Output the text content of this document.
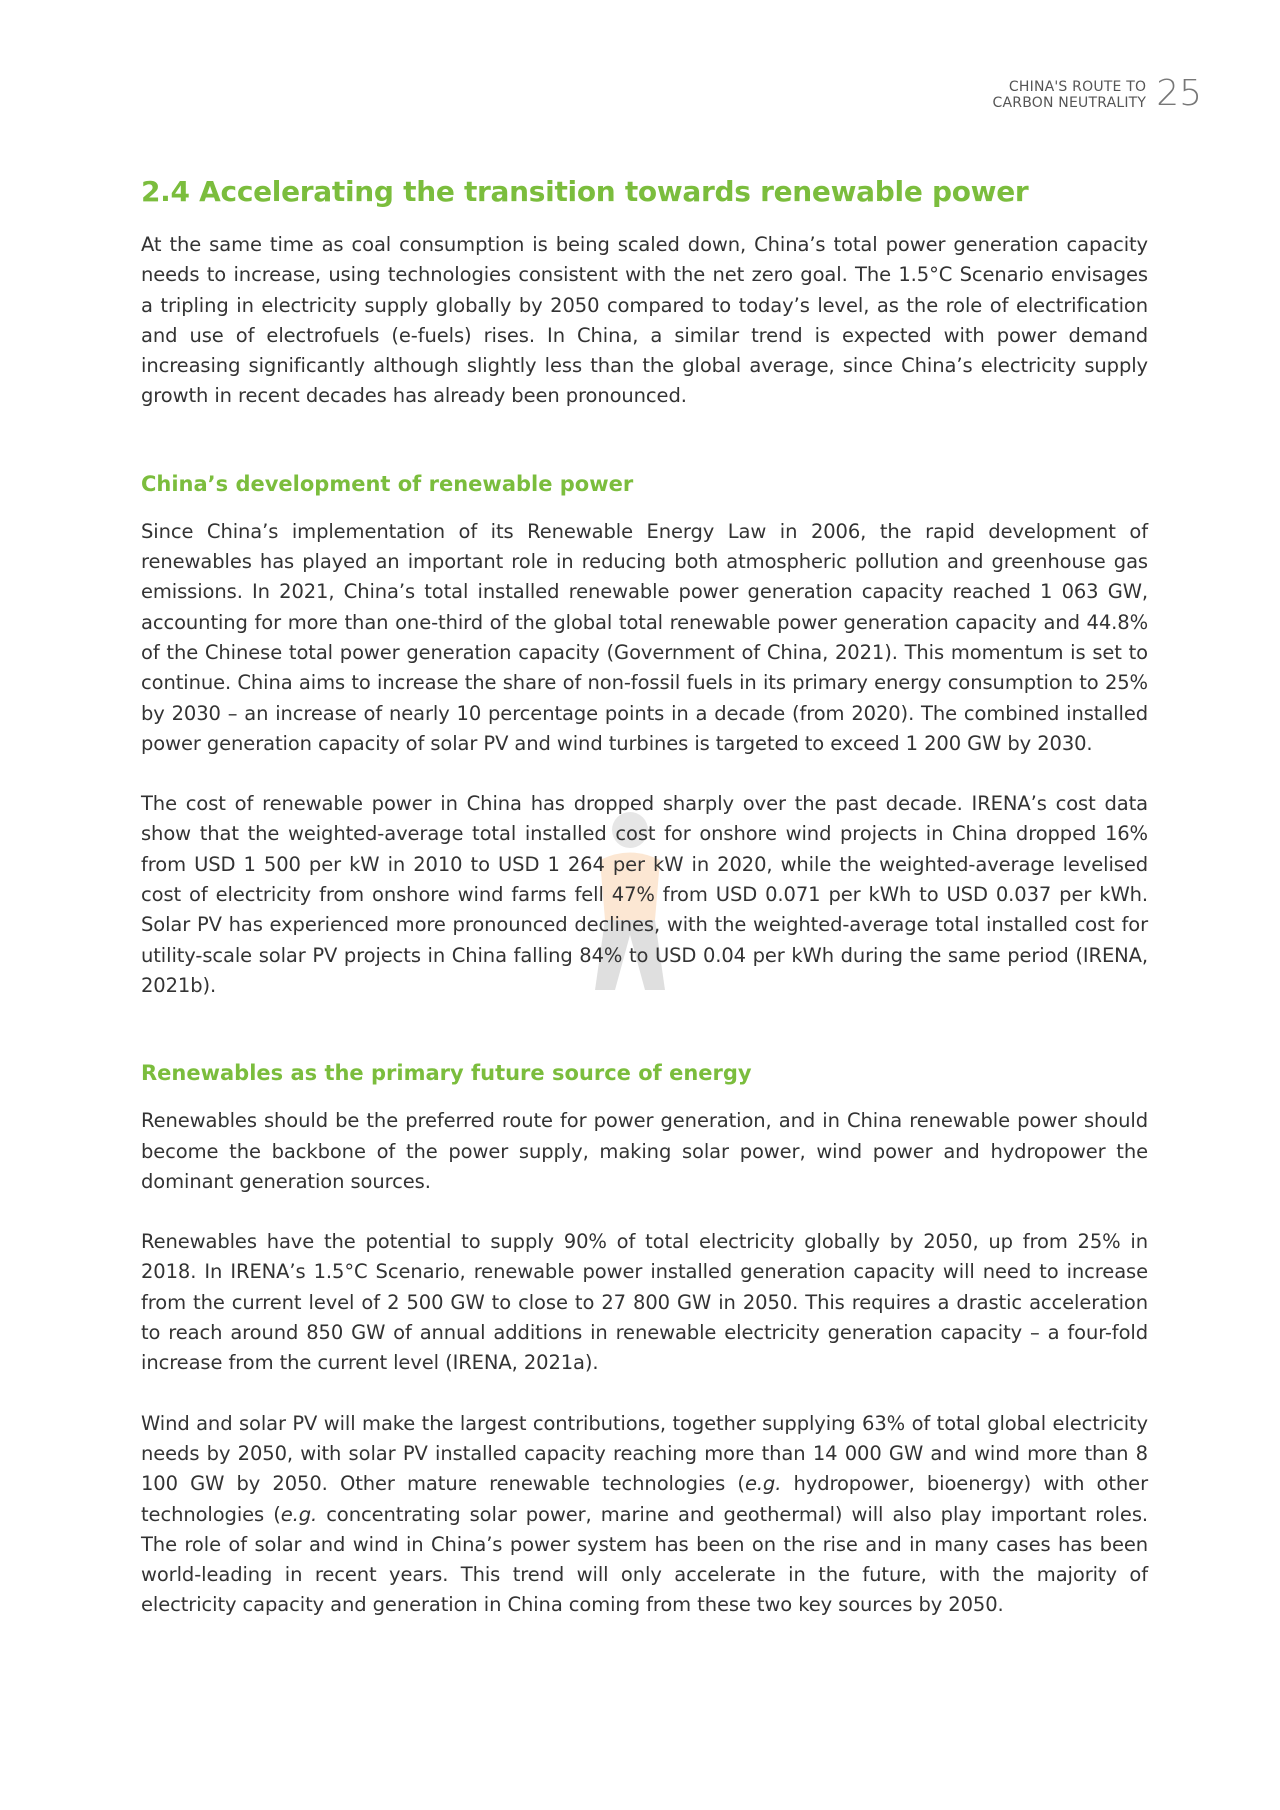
CHINA'S ROUTE TO
CARBON NEUTRALITY 25
2.4 Accelerating the transition towards renewable power

At the same time as coal consumption is being scaled down, China’s total power generation capacity needs to increase, using technologies consistent with the net zero goal. The 1.5°C Scenario envisages a tripling in electricity supply globally by 2050 compared to today’s level, as the role of electrification and use of electrofuels (e-fuels) rises. In China, a similar trend is expected with power demand increasing significantly although slightly less than the global average, since China’s electricity supply growth in recent decades has already been pronounced.

China’s development of renewable power

Since China’s implementation of its Renewable Energy Law in 2006, the rapid development of renewables has played an important role in reducing both atmospheric pollution and greenhouse gas emissions. In 2021, China’s total installed renewable power generation capacity reached 1 063 GW, accounting for more than one-third of the global total renewable power generation capacity and 44.8% of the Chinese total power generation capacity (Government of China, 2021). This momentum is set to continue. China aims to increase the share of non-fossil fuels in its primary energy consumption to 25% by 2030 – an increase of nearly 10 percentage points in a decade (from 2020). The combined installed power generation capacity of solar PV and wind turbines is targeted to exceed 1 200 GW by 2030.

The cost of renewable power in China has dropped sharply over the past decade. IRENA’s cost data show that the weighted-average total installed cost for onshore wind projects in China dropped 16% from USD 1 500 per kW in 2010 to USD 1 264 per kW in 2020, while the weighted-average levelised cost of electricity from onshore wind farms fell 47% from USD 0.071 per kWh to USD 0.037 per kWh. Solar PV has experienced more pronounced declines, with the weighted-average total installed cost for utility-scale solar PV projects in China falling 84% to USD 0.04 per kWh during the same period (IRENA, 2021b).

Renewables as the primary future source of energy

Renewables should be the preferred route for power generation, and in China renewable power should become the backbone of the power supply, making solar power, wind power and hydropower the dominant generation sources.

Renewables have the potential to supply 90% of total electricity globally by 2050, up from 25% in 2018. In IRENA’s 1.5°C Scenario, renewable power installed generation capacity will need to increase from the current level of 2 500 GW to close to 27 800 GW in 2050. This requires a drastic acceleration to reach around 850 GW of annual additions in renewable electricity generation capacity – a four-fold increase from the current level (IRENA, 2021a).

Wind and solar PV will make the largest contributions, together supplying 63% of total global electricity needs by 2050, with solar PV installed capacity reaching more than 14 000 GW and wind more than 8 100 GW by 2050. Other mature renewable technologies (e.g. hydropower, bioenergy) with other technologies (e.g. concentrating solar power, marine and geothermal) will also play important roles. The role of solar and wind in China’s power system has been on the rise and in many cases has been world-leading in recent years. This trend will only accelerate in the future, with the majority of electricity capacity and generation in China coming from these two key sources by 2050.
